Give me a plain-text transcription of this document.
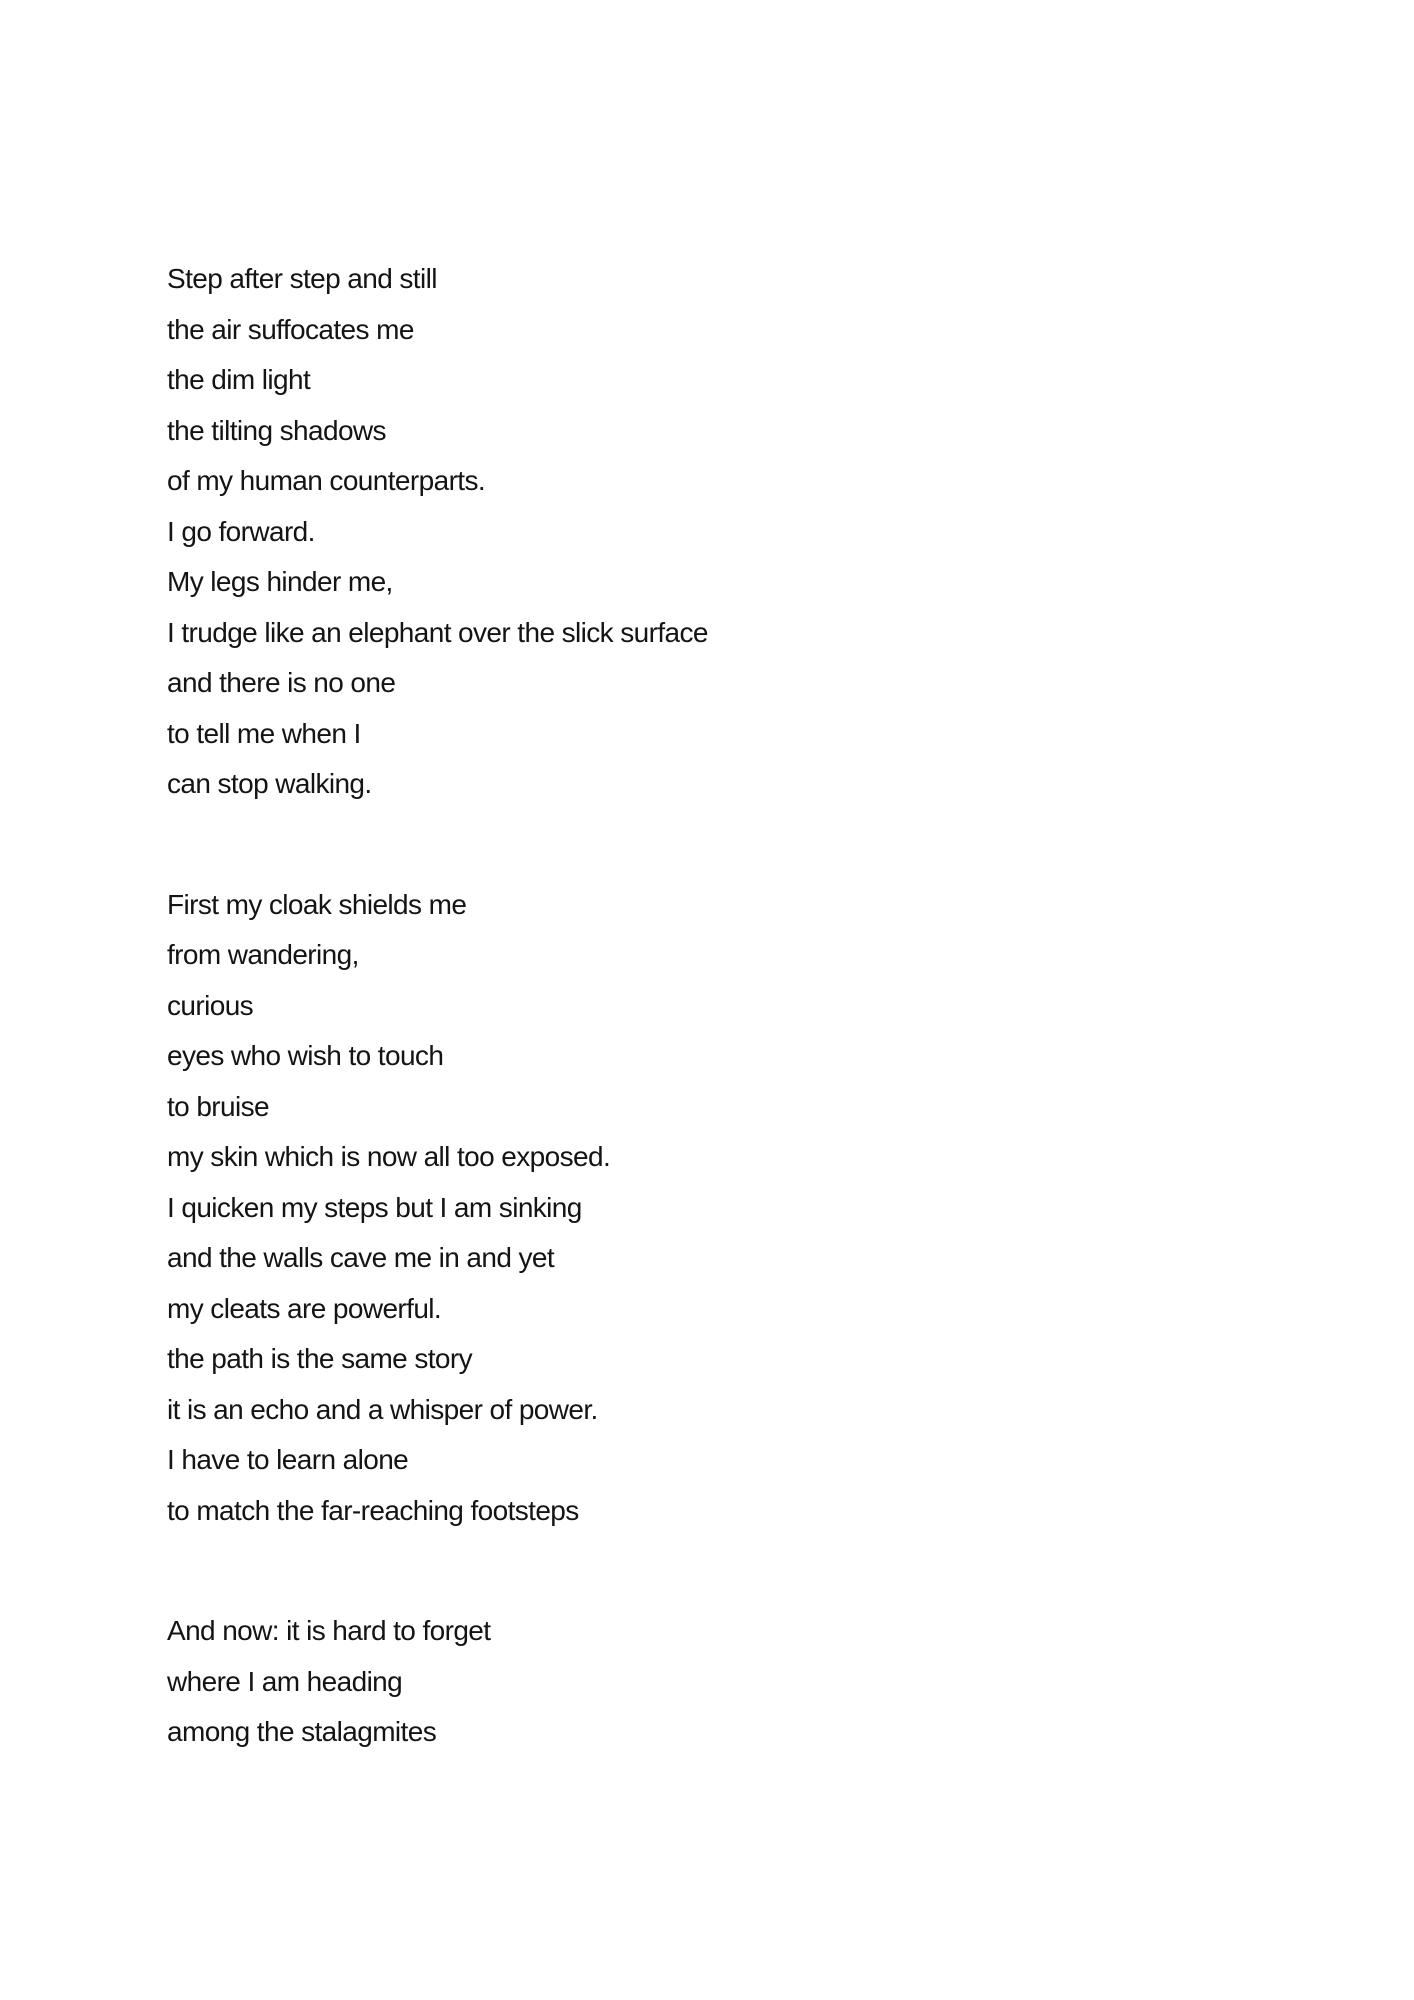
Step after step and still
the air suffocates me
the dim light
the tilting shadows
of my human counterparts.
I go forward.
My legs hinder me,
I trudge like an elephant over the slick surface
and there is no one
to tell me when I
can stop walking.
First my cloak shields me
from wandering,
curious
eyes who wish to touch
to bruise
my skin which is now all too exposed.
I quicken my steps but I am sinking
and the walls cave me in and yet
my cleats are powerful.
the path is the same story
it is an echo and a whisper of power.
I have to learn alone
to match the far-reaching footsteps
And now: it is hard to forget
where I am heading
among the stalagmites
